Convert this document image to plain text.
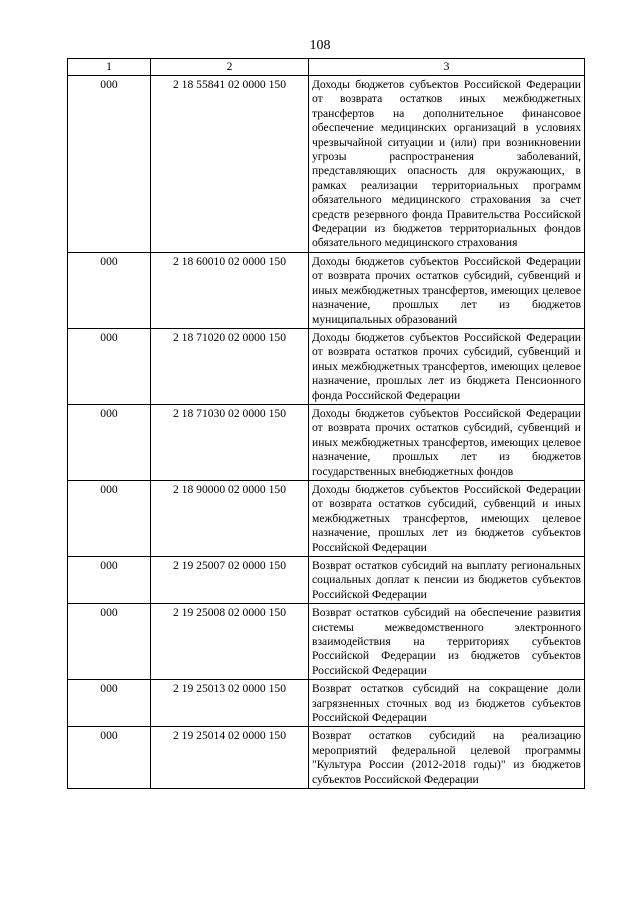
108
1	2	3
000	2 18 55841 02 0000 150	Доходы бюджетов субъектов Российской Федерации от возврата остатков иных межбюджетных трансфертов на дополнительное финансовое обеспечение медицинских организаций в условиях чрезвычайной ситуации и (или) при возникновении угрозы распространения заболеваний, представляющих опасность для окружающих, в рамках реализации территориальных программ обязательного медицинского страхования за счет средств резервного фонда Правительства Российской Федерации из бюджетов территориальных фондов обязательного медицинского страхования
000	2 18 60010 02 0000 150	Доходы бюджетов субъектов Российской Федерации от возврата прочих остатков субсидий, субвенций и иных межбюджетных трансфертов, имеющих целевое назначение, прошлых лет из бюджетов муниципальных образований
000	2 18 71020 02 0000 150	Доходы бюджетов субъектов Российской Федерации от возврата остатков прочих субсидий, субвенций и иных межбюджетных трансфертов, имеющих целевое назначение, прошлых лет из бюджета Пенсионного фонда Российской Федерации
000	2 18 71030 02 0000 150	Доходы бюджетов субъектов Российской Федерации от возврата прочих остатков субсидий, субвенций и иных межбюджетных трансфертов, имеющих целевое назначение, прошлых лет из бюджетов государственных внебюджетных фондов
000	2 18 90000 02 0000 150	Доходы бюджетов субъектов Российской Федерации от возврата остатков субсидий, субвенций и иных межбюджетных трансфертов, имеющих целевое назначение, прошлых лет из бюджетов субъектов Российской Федерации
000	2 19 25007 02 0000 150	Возврат остатков субсидий на выплату региональных социальных доплат к пенсии из бюджетов субъектов Российской Федерации
000	2 19 25008 02 0000 150	Возврат остатков субсидий на обеспечение развития системы межведомственного электронного взаимодействия на территориях субъектов Российской Федерации из бюджетов субъектов Российской Федерации
000	2 19 25013 02 0000 150	Возврат остатков субсидий на сокращение доли загрязненных сточных вод из бюджетов субъектов Российской Федерации
000	2 19 25014 02 0000 150	Возврат остатков субсидий на реализацию мероприятий федеральной целевой программы "Культура России (2012-2018 годы)" из бюджетов субъектов Российской Федерации
